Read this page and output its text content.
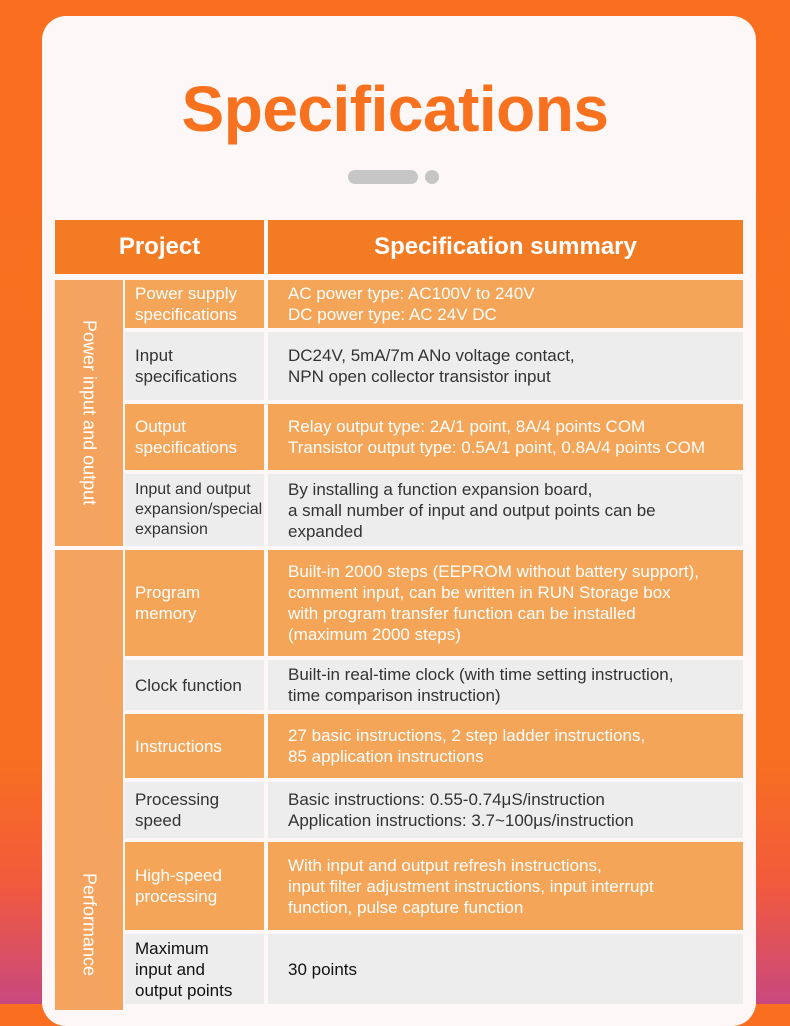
Specifications
Project	Specification summary
Power input and output
Performance
Power supply
specifications
AC power type: AC100V to 240V
DC power type: AC 24V DC
Input
specifications
DC24V, 5mA/7m ANo voltage contact,
NPN open collector transistor input
Output
specifications
Relay output type: 2A/1 point, 8A/4 points COM
Transistor output type: 0.5A/1 point, 0.8A/4 points COM
Input and output
expansion/special
expansion
By installing a function expansion board,
a small number of input and output points can be expanded
Program
memory
Built-in 2000 steps (EEPROM without battery support),
comment input, can be written in RUN Storage box
with program transfer function can be installed
(maximum 2000 steps)
Clock function
Built-in real-time clock (with time setting instruction,
time comparison instruction)
Instructions
27 basic instructions, 2 step ladder instructions,
85 application instructions
Processing
speed
Basic instructions: 0.55-0.74μS/instruction
Application instructions: 3.7~100μs/instruction
High-speed
processing
With input and output refresh instructions,
input filter adjustment instructions, input interrupt
function, pulse capture function
Maximum
input and
output points
30 points
